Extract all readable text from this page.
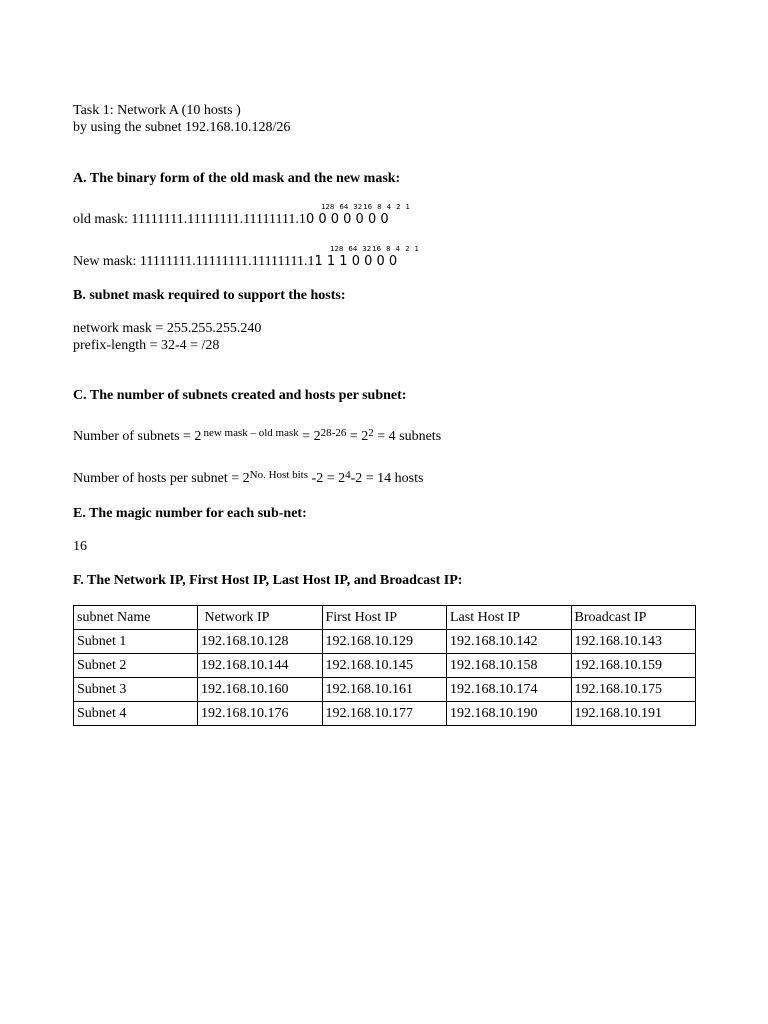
Task 1: Network A (10 hosts )
by using the subnet 192.168.10.128/26
A. The binary form of the old mask and the new mask:
128 64 3216 8 4 2 1
old mask: 11111111.11111111.11111111.10 0 0 0 0 0 0
128 64 3216 8 4 2 1
New mask: 11111111.11111111.11111111.11 1 1 0 0 0 0
B. subnet mask required to support the hosts:
network mask = 255.255.255.240
prefix-length = 32-4 = /28
C. The number of subnets created and hosts per subnet:
Number of subnets = 2 $^{new mask - old mask} = 2^{28-26} = 2^2 = 4$ subnets
Number of hosts per subnet = $2^{No. Host bits}$ $-2 = 2^4-2 = 14$ hosts
E. The magic number for each sub-net:
16
F. The Network IP, First Host IP, Last Host IP, and Broadcast IP:
subnet Name	Network IP	First Host IP	Last Host IP	Broadcast IP
Subnet 1	192.168.10.128	192.168.10.129	192.168.10.142	192.168.10.143
Subnet 2	192.168.10.144	192.168.10.145	192.168.10.158	192.168.10.159
Subnet 3	192.168.10.160	192.168.10.161	192.168.10.174	192.168.10.175
Subnet 4	192.168.10.176	192.168.10.177	192.168.10.190	192.168.10.191
